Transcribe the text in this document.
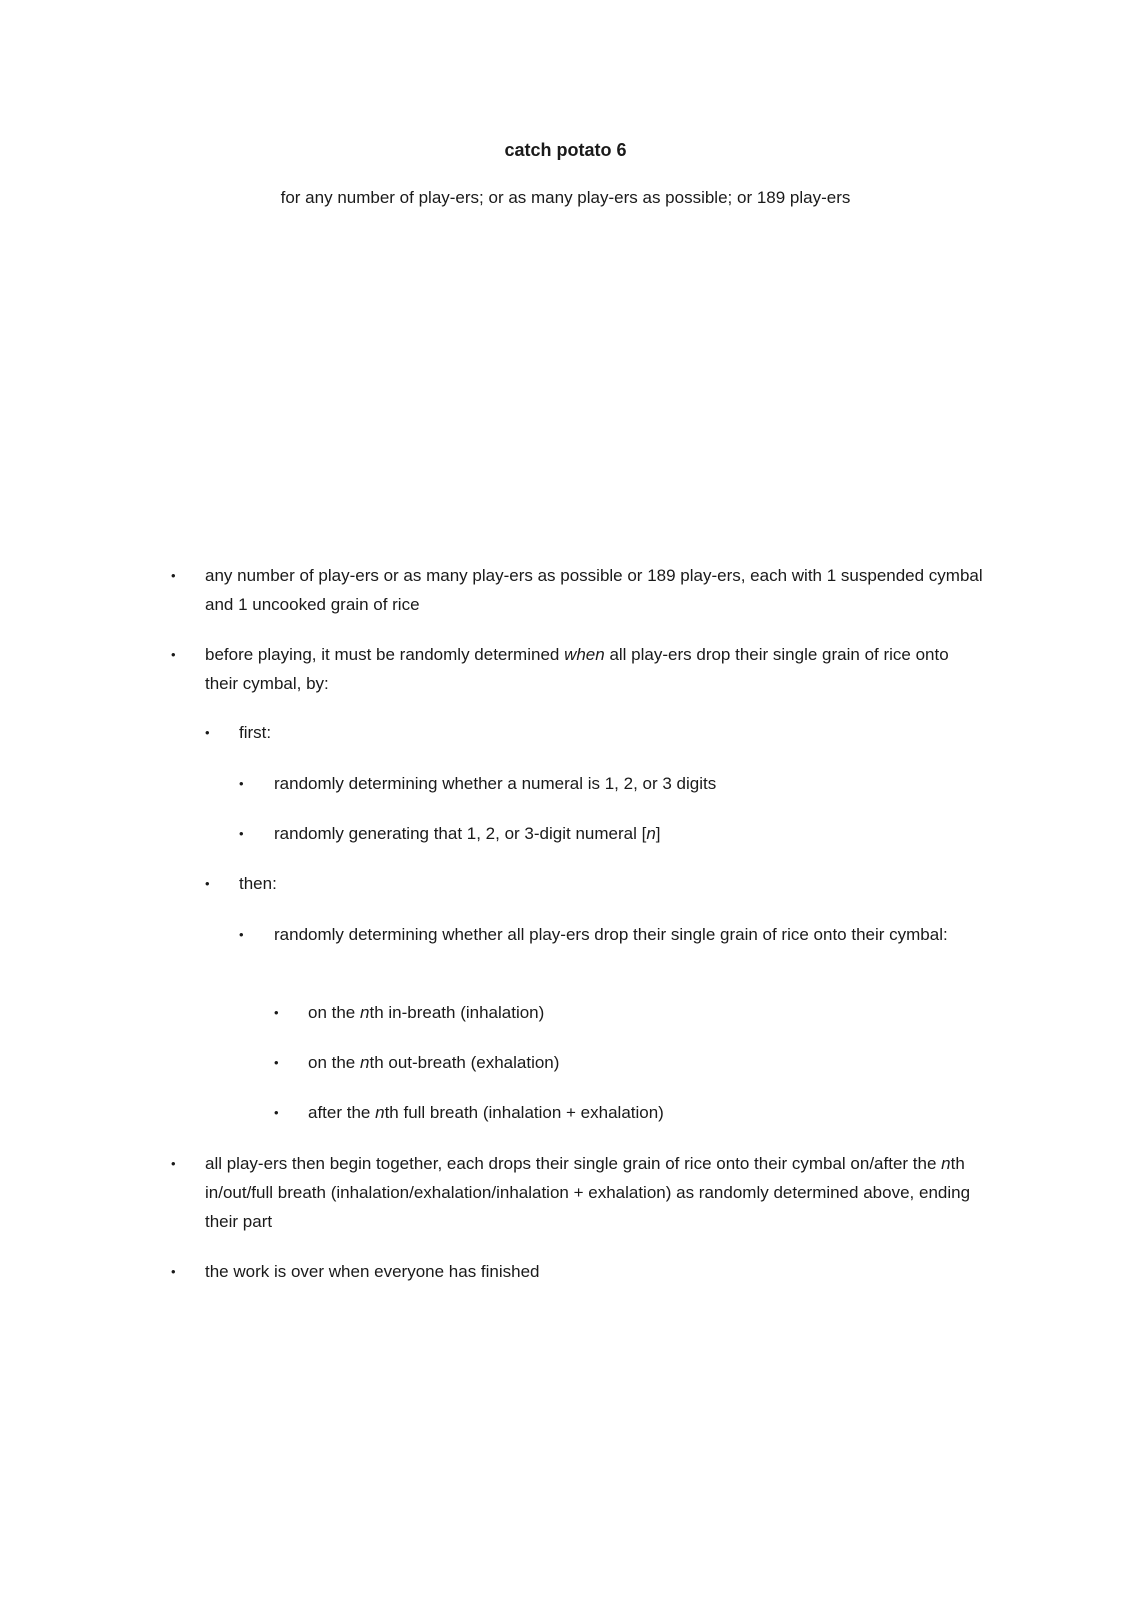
catch potato 6
for any number of play-ers; or as many play-ers as possible; or 189 play-ers
•	any number of play-ers or as many play-ers as possible or 189 play-ers, each with 1 suspended cymbal and 1 uncooked grain of rice
•	before playing, it must be randomly determined when all play-ers drop their single grain of rice onto their cymbal, by:
•	first:
•	randomly determining whether a numeral is 1, 2, or 3 digits
•	randomly generating that 1, 2, or 3-digit numeral [n]
•	then:
•	randomly determining whether all play-ers drop their single grain of rice onto their cymbal:
•	on the nth in-breath (inhalation)
•	on the nth out-breath (exhalation)
•	after the nth full breath (inhalation + exhalation)
•	all play-ers then begin together, each drops their single grain of rice onto their cymbal on/after the nth in/out/full breath (inhalation/exhalation/inhalation + exhalation) as randomly determined above, ending their part
•	the work is over when everyone has finished
